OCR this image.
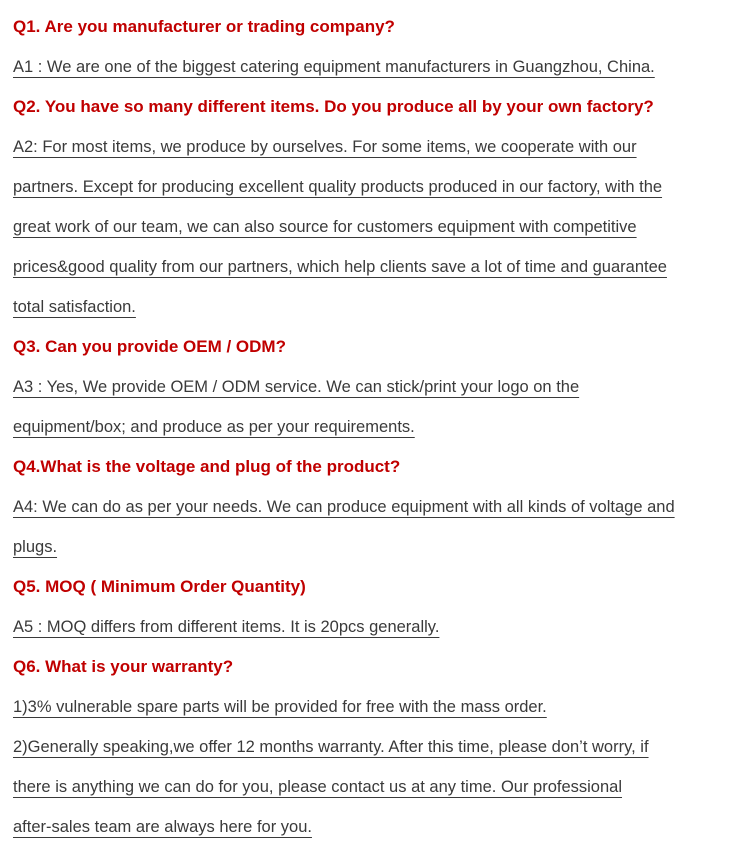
Q1. Are you manufacturer or trading company?
A1 : We are one of the biggest catering equipment manufacturers in Guangzhou, China.
Q2. You have so many different items. Do you produce all by your own factory?
A2: For most items, we produce by ourselves. For some items, we cooperate with our
partners. Except for producing excellent quality products produced in our factory, with the
great work of our team, we can also source for customers equipment with competitive
prices&good quality from our partners, which help clients save a lot of time and guarantee
total satisfaction.
Q3. Can you provide OEM / ODM?
A3 : Yes, We provide OEM / ODM service. We can stick/print your logo on the
equipment/box; and produce as per your requirements.
Q4.What is the voltage and plug of the product?
A4: We can do as per your needs. We can produce equipment with all kinds of voltage and
plugs.
Q5. MOQ ( Minimum Order Quantity)
A5 : MOQ differs from different items. It is 20pcs generally.
Q6. What is your warranty?
1)3% vulnerable spare parts will be provided for free with the mass order.
2)Generally speaking,we offer 12 months warranty. After this time, please don’t worry, if
there is anything we can do for you, please contact us at any time. Our professional
after-sales team are always here for you.
